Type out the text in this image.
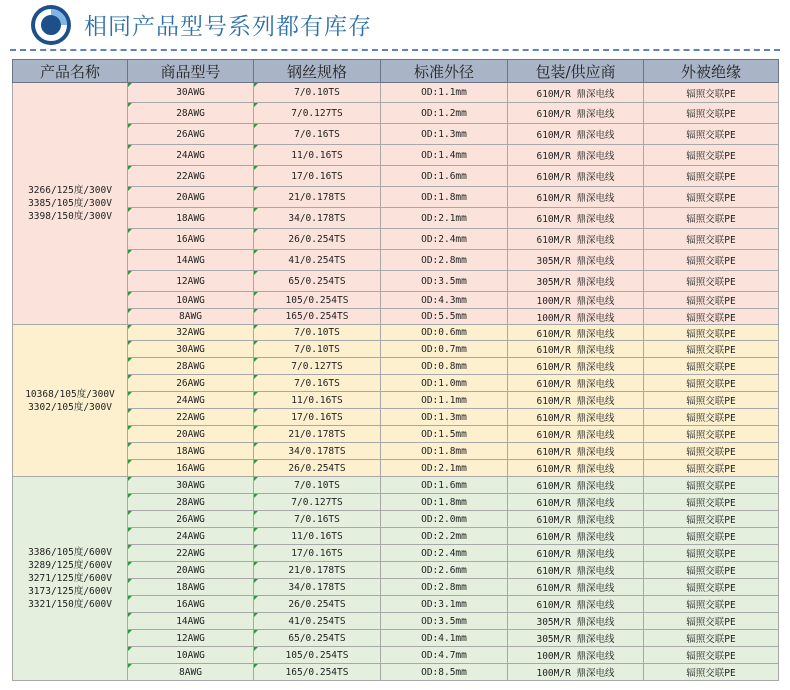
相同产品型号系列都有库存
产品名称	商品型号	钢丝规格	标准外径	包装/供应商	外被绝缘

3266/125度/300V
3385/105度/300V
3398/150度/300V	30AWG	7/0.10TS	OD:1.1mm	610M/R 鼎深电线	辐照交联PE
	28AWG	7/0.127TS	OD:1.2mm	610M/R 鼎深电线	辐照交联PE
	26AWG	7/0.16TS	OD:1.3mm	610M/R 鼎深电线	辐照交联PE
	24AWG	11/0.16TS	OD:1.4mm	610M/R 鼎深电线	辐照交联PE
	22AWG	17/0.16TS	OD:1.6mm	610M/R 鼎深电线	辐照交联PE
	20AWG	21/0.178TS	OD:1.8mm	610M/R 鼎深电线	辐照交联PE
	18AWG	34/0.178TS	OD:2.1mm	610M/R 鼎深电线	辐照交联PE
	16AWG	26/0.254TS	OD:2.4mm	610M/R 鼎深电线	辐照交联PE
	14AWG	41/0.254TS	OD:2.8mm	305M/R 鼎深电线	辐照交联PE
	12AWG	65/0.254TS	OD:3.5mm	305M/R 鼎深电线	辐照交联PE
	10AWG	105/0.254TS	OD:4.3mm	100M/R 鼎深电线	辐照交联PE
	8AWG	165/0.254TS	OD:5.5mm	100M/R 鼎深电线	辐照交联PE

10368/105度/300V
3302/105度/300V	32AWG	7/0.10TS	OD:0.6mm	610M/R 鼎深电线	辐照交联PE
	30AWG	7/0.10TS	OD:0.7mm	610M/R 鼎深电线	辐照交联PE
	28AWG	7/0.127TS	OD:0.8mm	610M/R 鼎深电线	辐照交联PE
	26AWG	7/0.16TS	OD:1.0mm	610M/R 鼎深电线	辐照交联PE
	24AWG	11/0.16TS	OD:1.1mm	610M/R 鼎深电线	辐照交联PE
	22AWG	17/0.16TS	OD:1.3mm	610M/R 鼎深电线	辐照交联PE
	20AWG	21/0.178TS	OD:1.5mm	610M/R 鼎深电线	辐照交联PE
	18AWG	34/0.178TS	OD:1.8mm	610M/R 鼎深电线	辐照交联PE
	16AWG	26/0.254TS	OD:2.1mm	610M/R 鼎深电线	辐照交联PE

3386/105度/600V
3289/125度/600V
3271/125度/600V
3173/125度/600V
3321/150度/600V	30AWG	7/0.10TS	OD:1.6mm	610M/R 鼎深电线	辐照交联PE
	28AWG	7/0.127TS	OD:1.8mm	610M/R 鼎深电线	辐照交联PE
	26AWG	7/0.16TS	OD:2.0mm	610M/R 鼎深电线	辐照交联PE
	24AWG	11/0.16TS	OD:2.2mm	610M/R 鼎深电线	辐照交联PE
	22AWG	17/0.16TS	OD:2.4mm	610M/R 鼎深电线	辐照交联PE
	20AWG	21/0.178TS	OD:2.6mm	610M/R 鼎深电线	辐照交联PE
	18AWG	34/0.178TS	OD:2.8mm	610M/R 鼎深电线	辐照交联PE
	16AWG	26/0.254TS	OD:3.1mm	610M/R 鼎深电线	辐照交联PE
	14AWG	41/0.254TS	OD:3.5mm	305M/R 鼎深电线	辐照交联PE
	12AWG	65/0.254TS	OD:4.1mm	305M/R 鼎深电线	辐照交联PE
	10AWG	105/0.254TS	OD:4.7mm	100M/R 鼎深电线	辐照交联PE
	8AWG	165/0.254TS	OD:8.5mm	100M/R 鼎深电线	辐照交联PE
